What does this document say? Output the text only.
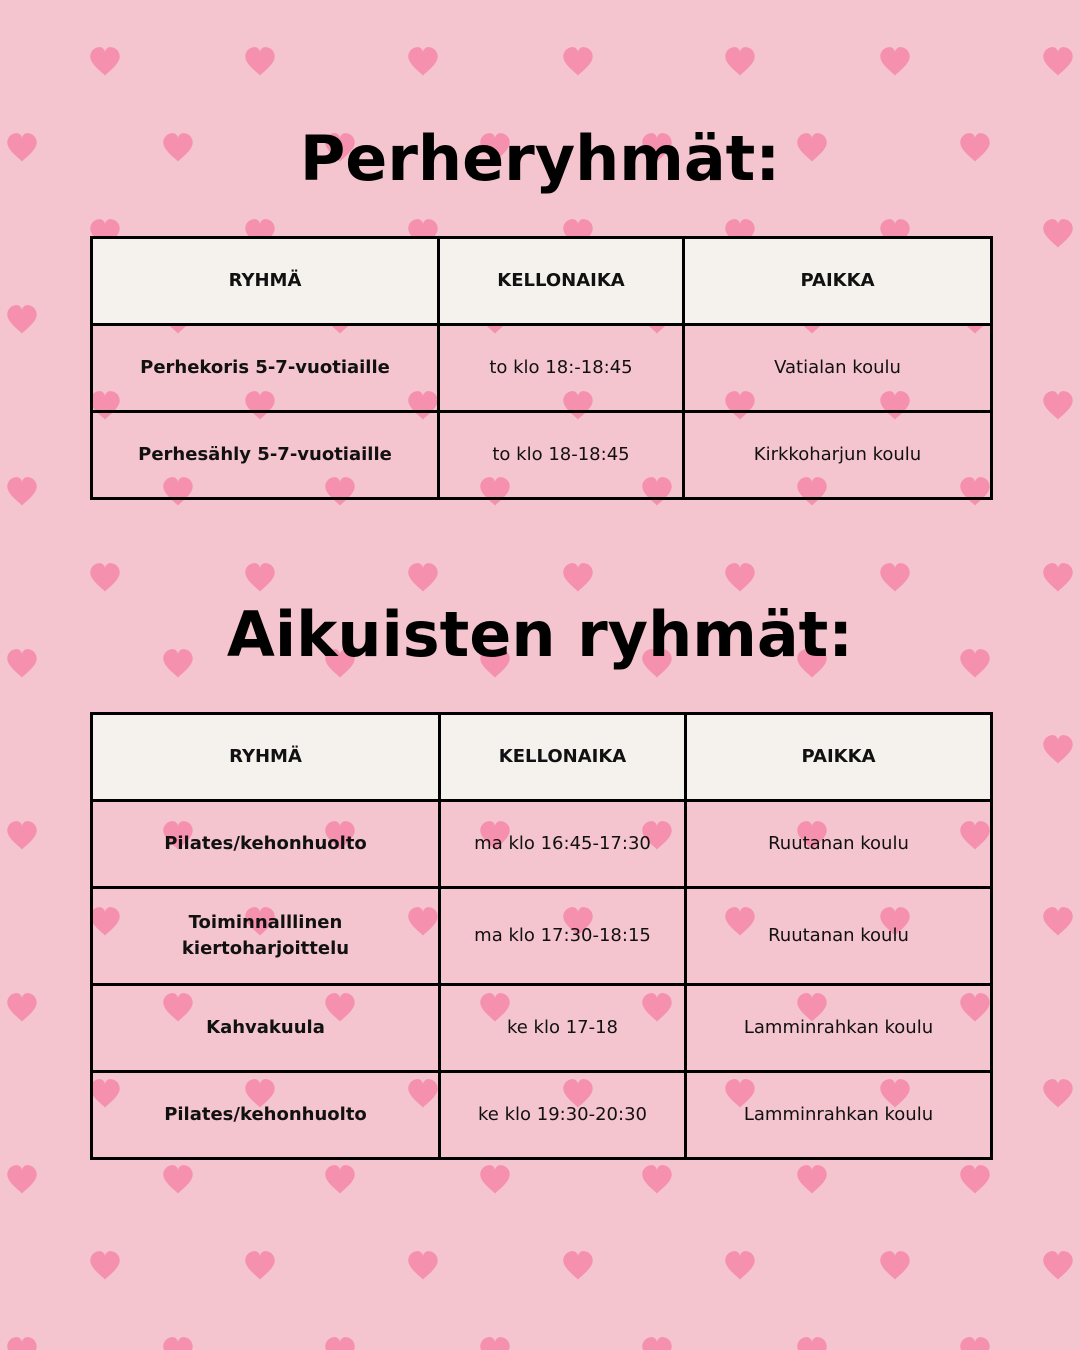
Perheryhmät:
RYHMÄ	KELLONAIKA	PAIKKA
Perhekoris 5-7-vuotiaille	to klo 18:-18:45	Vatialan koulu
Perhesähly 5-7-vuotiaille	to klo 18-18:45	Kirkkoharjun koulu
Aikuisten ryhmät:
RYHMÄ	KELLONAIKA	PAIKKA
Pilates/kehonhuolto	ma klo 16:45-17:30	Ruutanan koulu
Toiminnalllinen kiertoharjoittelu	ma klo 17:30-18:15	Ruutanan koulu
Kahvakuula	ke klo 17-18	Lamminrahkan koulu
Pilates/kehonhuolto	ke klo 19:30-20:30	Lamminrahkan koulu
